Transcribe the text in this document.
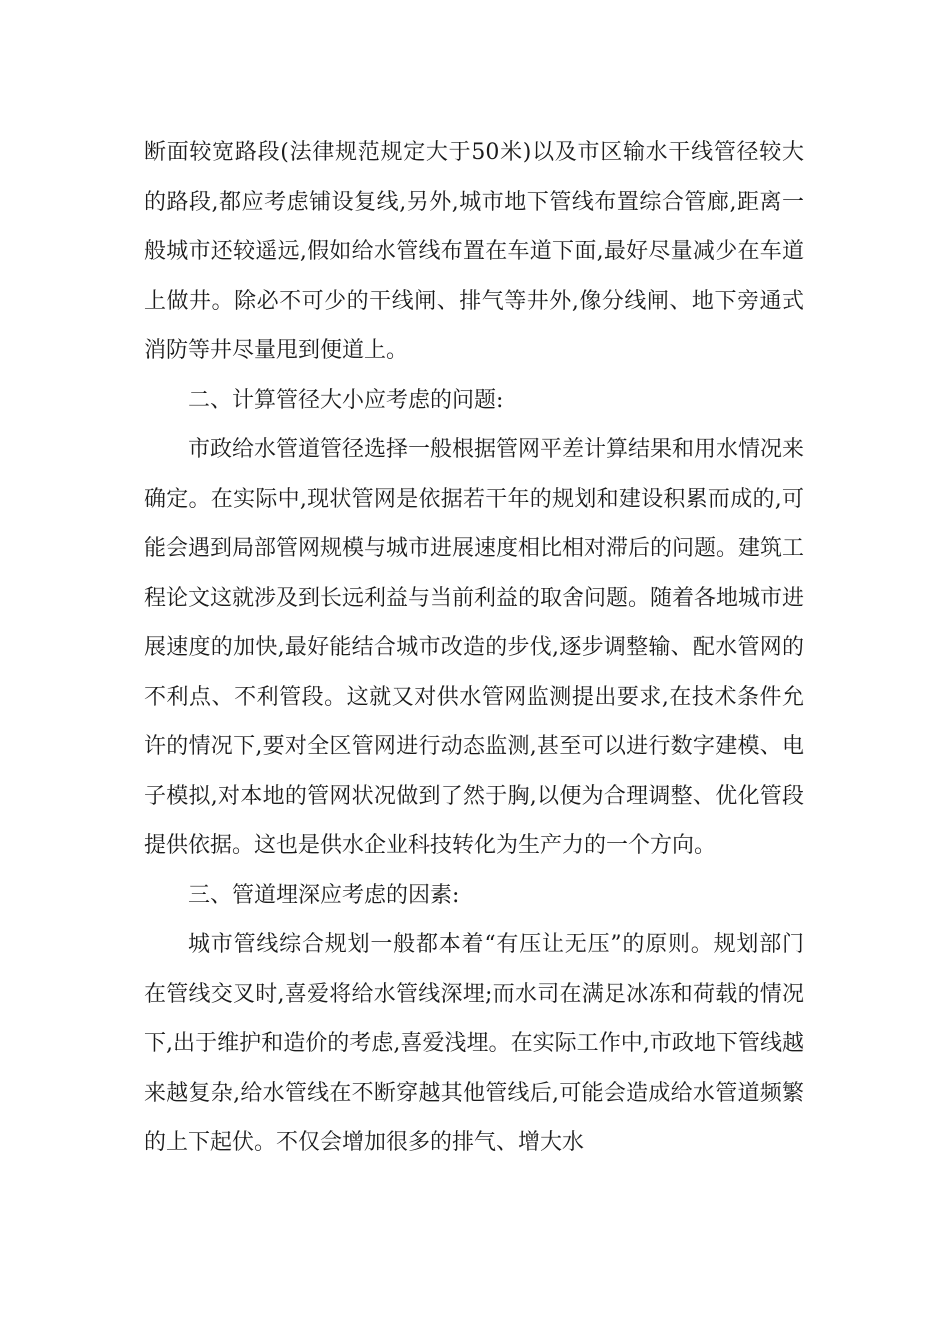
断面较宽路段(法律规范规定大于50米)以及市区输水干线管径较大的路段,都应考虑铺设复线,另外,城市地下管线布置综合管廊,距离一般城市还较遥远,假如给水管线布置在车道下面,最好尽量减少在车道上做井。除必不可少的干线闸、排气等井外,像分线闸、地下旁通式消防等井尽量甩到便道上。

二、计算管径大小应考虑的问题:

市政给水管道管径选择一般根据管网平差计算结果和用水情况来确定。在实际中,现状管网是依据若干年的规划和建设积累而成的,可能会遇到局部管网规模与城市进展速度相比相对滞后的问题。建筑工程论文这就涉及到长远利益与当前利益的取舍问题。随着各地城市进展速度的加快,最好能结合城市改造的步伐,逐步调整输、配水管网的不利点、不利管段。这就又对供水管网监测提出要求,在技术条件允许的情况下,要对全区管网进行动态监测,甚至可以进行数字建模、电子模拟,对本地的管网状况做到了然于胸,以便为合理调整、优化管段提供依据。这也是供水企业科技转化为生产力的一个方向。

三、管道埋深应考虑的因素:

城市管线综合规划一般都本着“有压让无压”的原则。规划部门在管线交叉时,喜爱将给水管线深埋;而水司在满足冰冻和荷载的情况下,出于维护和造价的考虑,喜爱浅埋。在实际工作中,市政地下管线越来越复杂,给水管线在不断穿越其他管线后,可能会造成给水管道频繁的上下起伏。不仅会增加很多的排气、增大水
